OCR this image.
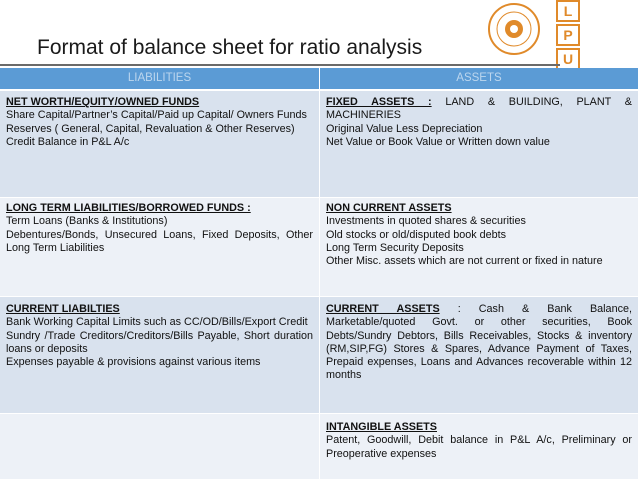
Format of balance sheet for ratio analysis
L
P
U
LIABILITIES	ASSETS

NET WORTH/EQUITY/OWNED FUNDS

Share Capital/Partner’s Capital/Paid up Capital/ Owners Funds

Reserves ( General, Capital, Revaluation & Other Reserves)

Credit Balance in P&L A/c

FIXED ASSETS : LAND & BUILDING, PLANT & MACHINERIES

Original Value Less Depreciation

Net Value or Book Value or Written down value

LONG TERM LIABILITIES/BORROWED FUNDS :

Term Loans (Banks & Institutions)

Debentures/Bonds, Unsecured Loans, Fixed Deposits, Other Long Term Liabilities

NON CURRENT ASSETS

Investments in quoted shares & securities

Old stocks or old/disputed book debts

Long Term Security Deposits

Other Misc. assets which are not current or fixed in nature

CURRENT LIABILTIES

Bank Working Capital Limits such as CC/OD/Bills/Export Credit

Sundry /Trade Creditors/Creditors/Bills Payable, Short duration loans or deposits

Expenses payable & provisions against various items

CURRENT ASSETS : Cash & Bank Balance, Marketable/quoted Govt. or other securities, Book Debts/Sundry Debtors, Bills Receivables, Stocks & inventory (RM,SIP,FG) Stores & Spares, Advance Payment of Taxes, Prepaid expenses, Loans and Advances recoverable within 12 months

INTANGIBLE ASSETS

Patent, Goodwill, Debit balance in P&L A/c, Preliminary or Preoperative expenses
